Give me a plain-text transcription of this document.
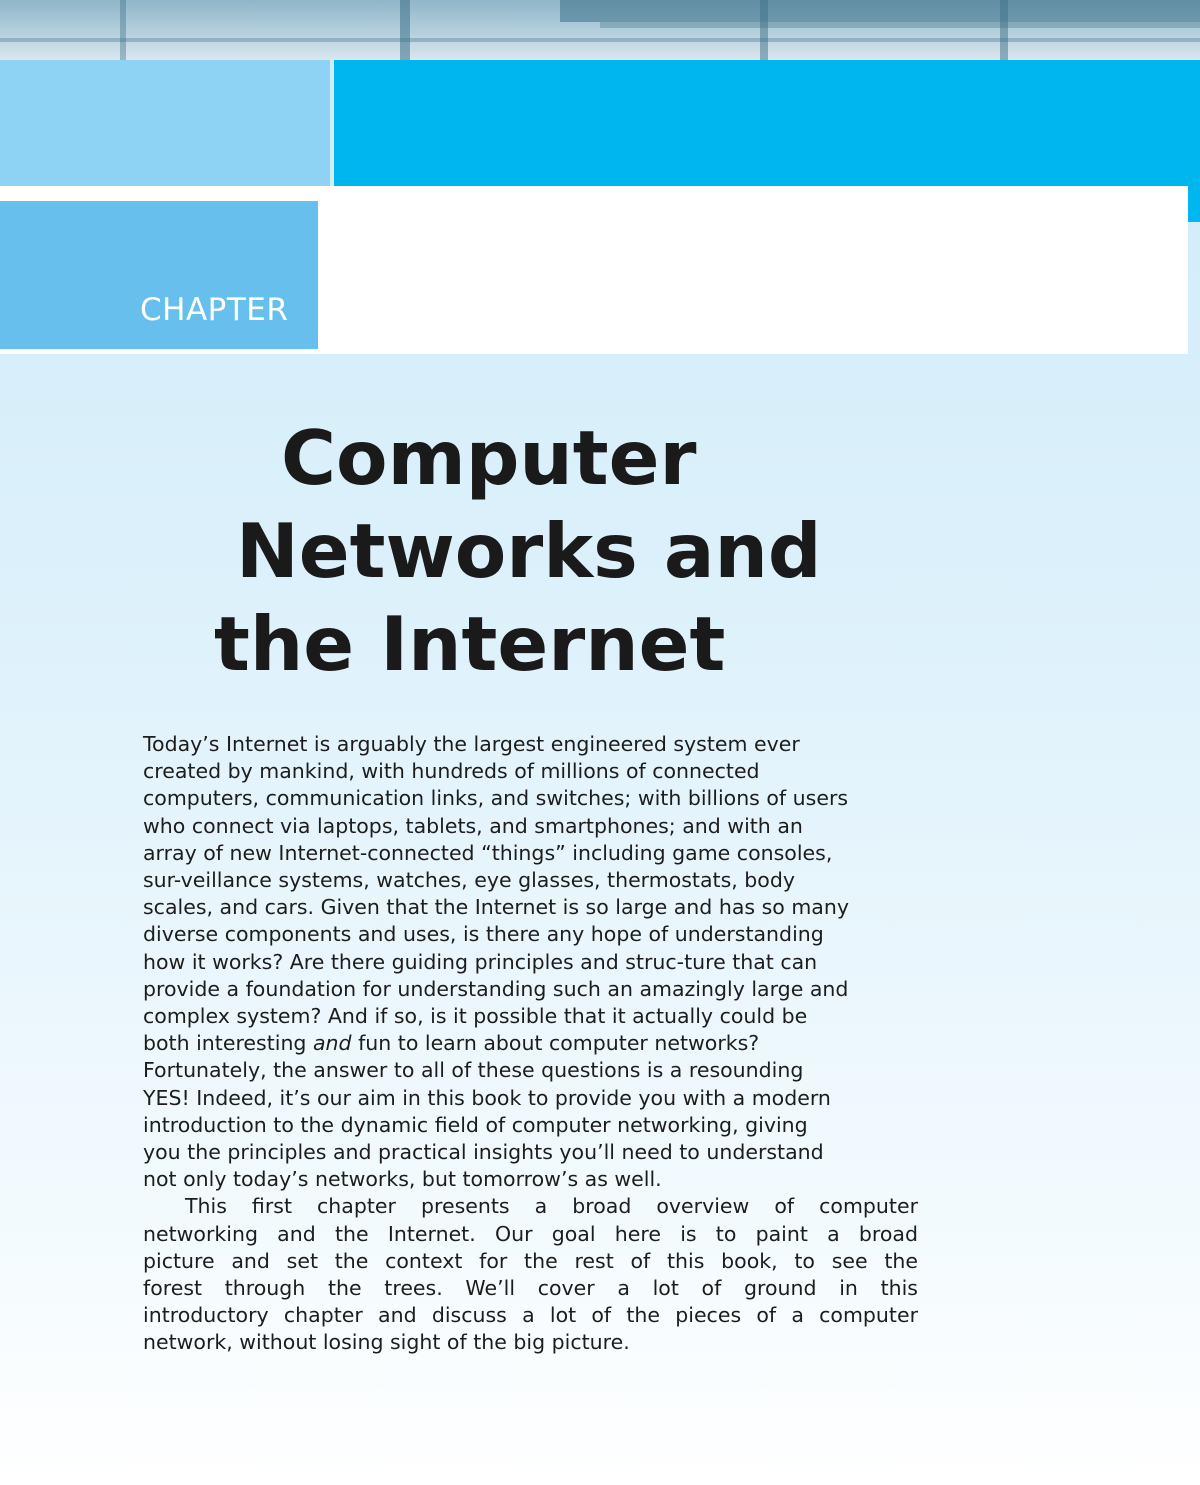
CHAPTER
Computer
Networks and
the Internet
Today’s Internet is arguably the largest engineered system ever
created by mankind, with hundreds of millions of connected
computers, communication links, and switches; with billions of users
who connect via laptops, tablets, and smartphones; and with an
array of new Internet-connected “things” including game consoles,
sur-veillance systems, watches, eye glasses, thermostats, body
scales, and cars. Given that the Internet is so large and has so many
diverse components and uses, is there any hope of understanding
how it works? Are there guiding principles and struc-ture that can
provide a foundation for understanding such an amazingly large and
complex system? And if so, is it possible that it actually could be
both interesting and fun to learn about computer networks?
Fortunately, the answer to all of these questions is a resounding
YES! Indeed, it’s our aim in this book to provide you with a modern
introduction to the dynamic field of computer networking, giving
you the principles and practical insights you’ll need to understand
not only today’s networks, but tomorrow’s as well.
This first chapter presents a broad overview of computer
networking and the Internet. Our goal here is to paint a broad
picture and set the context for the rest of this book, to see the
forest through the trees. We’ll cover a lot of ground in this
introductory chapter and discuss a lot of the pieces of a computer
network, without losing sight of the big picture.
